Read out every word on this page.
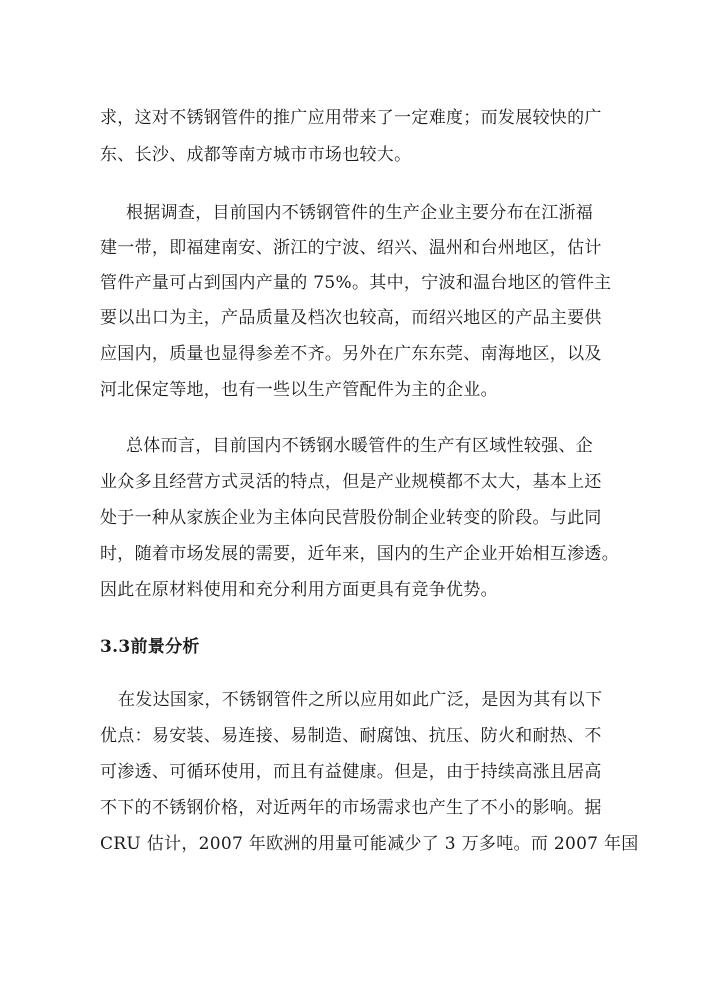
求，这对不锈钢管件的推广应用带来了一定难度；而发展较快的广
东、长沙、成都等南方城市市场也较大。
根据调查，目前国内不锈钢管件的生产企业主要分布在江浙福
建一带，即福建南安、浙江的宁波、绍兴、温州和台州地区，估计
管件产量可占到国内产量的 75%。其中，宁波和温台地区的管件主
要以出口为主，产品质量及档次也较高，而绍兴地区的产品主要供
应国内，质量也显得参差不齐。另外在广东东莞、南海地区，以及
河北保定等地，也有一些以生产管配件为主的企业。
总体而言，目前国内不锈钢水暖管件的生产有区域性较强、企
业众多且经营方式灵活的特点，但是产业规模都不太大，基本上还
处于一种从家族企业为主体向民营股份制企业转变的阶段。与此同
时，随着市场发展的需要，近年来，国内的生产企业开始相互渗透。
因此在原材料使用和充分利用方面更具有竞争优势。
3.3前景分析
在发达国家，不锈钢管件之所以应用如此广泛，是因为其有以下
优点：易安装、易连接、易制造、耐腐蚀、抗压、防火和耐热、不
可渗透、可循环使用，而且有益健康。但是，由于持续高涨且居高
不下的不锈钢价格，对近两年的市场需求也产生了不小的影响。据
CRU 估计，2007 年欧洲的用量可能减少了 3 万多吨。而 2007 年国
